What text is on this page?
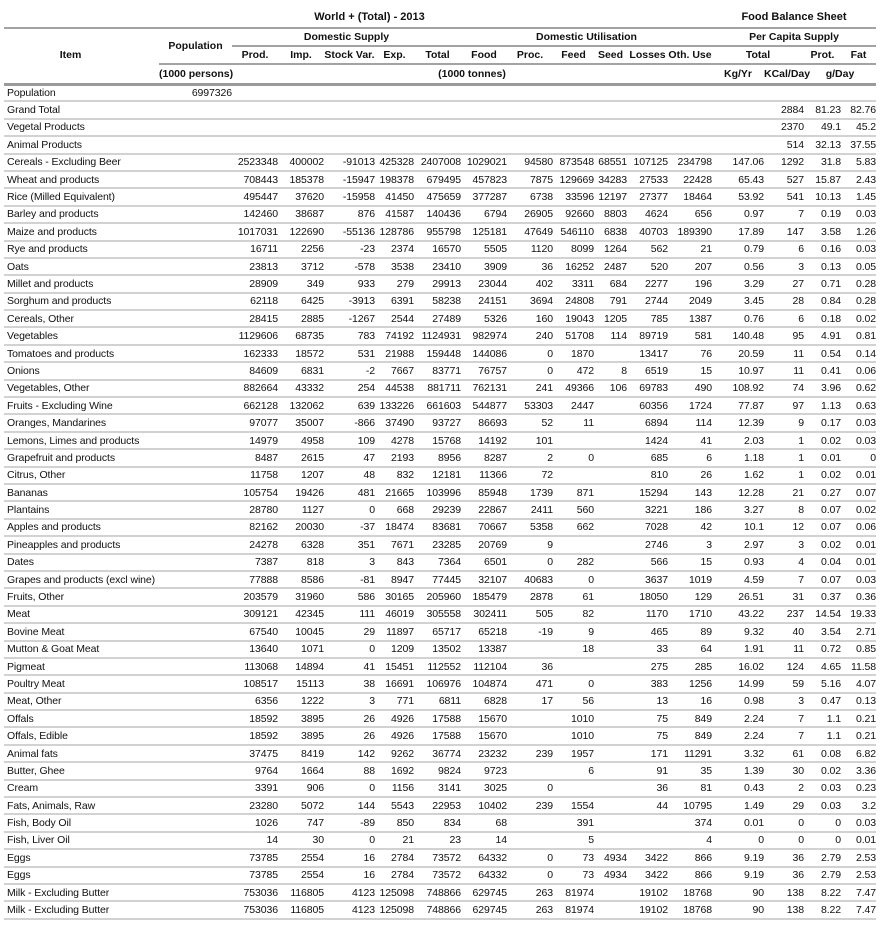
		World + (Total) - 2013											Food Balance Sheet			
Item	Population	Domestic Supply					Domestic Utilisation						Per Capita Supply			
		Prod.	Imp.	Stock Var.	Exp.	Total	Food	Proc.	Feed	Seed	Losses	Oth. Use	Total		Prot.	Fat
	(1000 persons)	(1000 tonnes)											Kg/Yr	KCal/Day	g/Day	
Population	6997326															
Grand Total														2884	81.23	82.76
Vegetal Products														2370	49.1	45.2
Animal Products														514	32.13	37.55
Cereals - Excluding Beer		2523348	400002	-91013	425328	2407008	1029021	94580	873548	68551	107125	234798	147.06	1292	31.8	5.83
Wheat and products		708443	185378	-15947	198378	679495	457823	7875	129669	34283	27533	22428	65.43	527	15.87	2.43
Rice (Milled Equivalent)		495447	37620	-15958	41450	475659	377287	6738	33596	12197	27377	18464	53.92	541	10.13	1.45
Barley and products		142460	38687	876	41587	140436	6794	26905	92660	8803	4624	656	0.97	7	0.19	0.03
Maize and products		1017031	122690	-55136	128786	955798	125181	47649	546110	6838	40703	189390	17.89	147	3.58	1.26
Rye and products		16711	2256	-23	2374	16570	5505	1120	8099	1264	562	21	0.79	6	0.16	0.03
Oats		23813	3712	-578	3538	23410	3909	36	16252	2487	520	207	0.56	3	0.13	0.05
Millet and products		28909	349	933	279	29913	23044	402	3311	684	2277	196	3.29	27	0.71	0.28
Sorghum and products		62118	6425	-3913	6391	58238	24151	3694	24808	791	2744	2049	3.45	28	0.84	0.28
Cereals, Other		28415	2885	-1267	2544	27489	5326	160	19043	1205	785	1387	0.76	6	0.18	0.02
Vegetables		1129606	68735	783	74192	1124931	982974	240	51708	114	89719	581	140.48	95	4.91	0.81
Tomatoes and products		162333	18572	531	21988	159448	144086	0	1870		13417	76	20.59	11	0.54	0.14
Onions		84609	6831	-2	7667	83771	76757	0	472	8	6519	15	10.97	11	0.41	0.06
Vegetables, Other		882664	43332	254	44538	881711	762131	241	49366	106	69783	490	108.92	74	3.96	0.62
Fruits - Excluding Wine		662128	132062	639	133226	661603	544877	53303	2447		60356	1724	77.87	97	1.13	0.63
Oranges, Mandarines		97077	35007	-866	37490	93727	86693	52	11		6894	114	12.39	9	0.17	0.03
Lemons, Limes and products		14979	4958	109	4278	15768	14192	101			1424	41	2.03	1	0.02	0.03
Grapefruit and products		8487	2615	47	2193	8956	8287	2	0		685	6	1.18	1	0.01	0
Citrus, Other		11758	1207	48	832	12181	11366	72			810	26	1.62	1	0.02	0.01
Bananas		105754	19426	481	21665	103996	85948	1739	871		15294	143	12.28	21	0.27	0.07
Plantains		28780	1127	0	668	29239	22867	2411	560		3221	186	3.27	8	0.07	0.02
Apples and products		82162	20030	-37	18474	83681	70667	5358	662		7028	42	10.1	12	0.07	0.06
Pineapples and products		24278	6328	351	7671	23285	20769	9			2746	3	2.97	3	0.02	0.01
Dates		7387	818	3	843	7364	6501	0	282		566	15	0.93	4	0.04	0.01
Grapes and products (excl wine)		77888	8586	-81	8947	77445	32107	40683	0		3637	1019	4.59	7	0.07	0.03
Fruits, Other		203579	31960	586	30165	205960	185479	2878	61		18050	129	26.51	31	0.37	0.36
Meat		309121	42345	111	46019	305558	302411	505	82		1170	1710	43.22	237	14.54	19.33
Bovine Meat		67540	10045	29	11897	65717	65218	-19	9		465	89	9.32	40	3.54	2.71
Mutton & Goat Meat		13640	1071	0	1209	13502	13387		18		33	64	1.91	11	0.72	0.85
Pigmeat		113068	14894	41	15451	112552	112104	36			275	285	16.02	124	4.65	11.58
Poultry Meat		108517	15113	38	16691	106976	104874	471	0		383	1256	14.99	59	5.16	4.07
Meat, Other		6356	1222	3	771	6811	6828	17	56		13	16	0.98	3	0.47	0.13
Offals		18592	3895	26	4926	17588	15670		1010		75	849	2.24	7	1.1	0.21
Offals, Edible		18592	3895	26	4926	17588	15670		1010		75	849	2.24	7	1.1	0.21
Animal fats		37475	8419	142	9262	36774	23232	239	1957		171	11291	3.32	61	0.08	6.82
Butter, Ghee		9764	1664	88	1692	9824	9723		6		91	35	1.39	30	0.02	3.36
Cream		3391	906	0	1156	3141	3025	0			36	81	0.43	2	0.03	0.23
Fats, Animals, Raw		23280	5072	144	5543	22953	10402	239	1554		44	10795	1.49	29	0.03	3.2
Fish, Body Oil		1026	747	-89	850	834	68		391			374	0.01	0	0	0.03
Fish, Liver Oil		14	30	0	21	23	14		5			4	0	0	0	0.01
Eggs		73785	2554	16	2784	73572	64332	0	73	4934	3422	866	9.19	36	2.79	2.53
Eggs		73785	2554	16	2784	73572	64332	0	73	4934	3422	866	9.19	36	2.79	2.53
Milk - Excluding Butter		753036	116805	4123	125098	748866	629745	263	81974		19102	18768	90	138	8.22	7.47
Milk - Excluding Butter		753036	116805	4123	125098	748866	629745	263	81974		19102	18768	90	138	8.22	7.47
